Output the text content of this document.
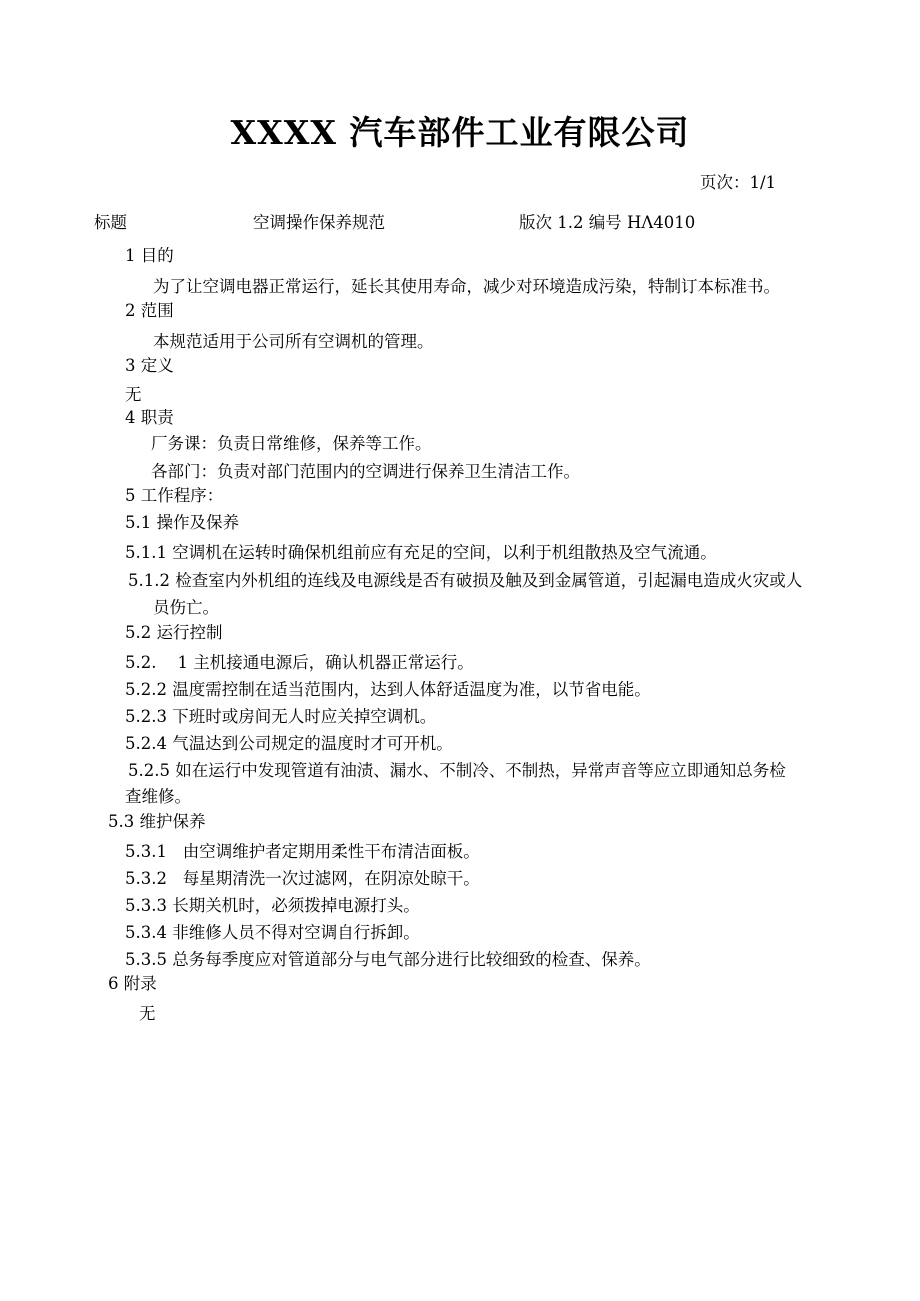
XXXX 汽车部件工业有限公司
页次：1/1
标题	空调操作保养规范	版次 1.2 编号 HΛ4010
1 目的
为了让空调电器正常运行，延长其使用寿命，减少对环境造成污染，特制订本标准书。
2 范围
本规范适用于公司所有空调机的管理。
3 定义
无
4 职责
厂务课：负责日常维修，保养等工作。
各部门：负责对部门范围内的空调进行保养卫生清洁工作。
5 工作程序：
5.1 操作及保养
5.1.1 空调机在运转时确保机组前应有充足的空间，以利于机组散热及空气流通。
5.1.2 检查室内外机组的连线及电源线是否有破损及触及到金属管道，引起漏电造成火灾或人
员伤亡。
5.2 运行控制
5.2.    1 主机接通电源后，确认机器正常运行。
5.2.2 温度需控制在适当范围内，达到人体舒适温度为准，以节省电能。
5.2.3 下班时或房间无人时应关掉空调机。
5.2.4 气温达到公司规定的温度时才可开机。
5.2.5 如在运行中发现管道有油渍、漏水、不制冷、不制热，异常声音等应立即通知总务检
查维修。
5.3 维护保养
5.3.1   由空调维护者定期用柔性干布清洁面板。
5.3.2   每星期清洗一次过滤网，在阴凉处晾干。
5.3.3 长期关机时，必须拨掉电源打头。
5.3.4 非维修人员不得对空调自行拆卸。
5.3.5 总务每季度应对管道部分与电气部分进行比较细致的检查、保养。
6 附录
无
